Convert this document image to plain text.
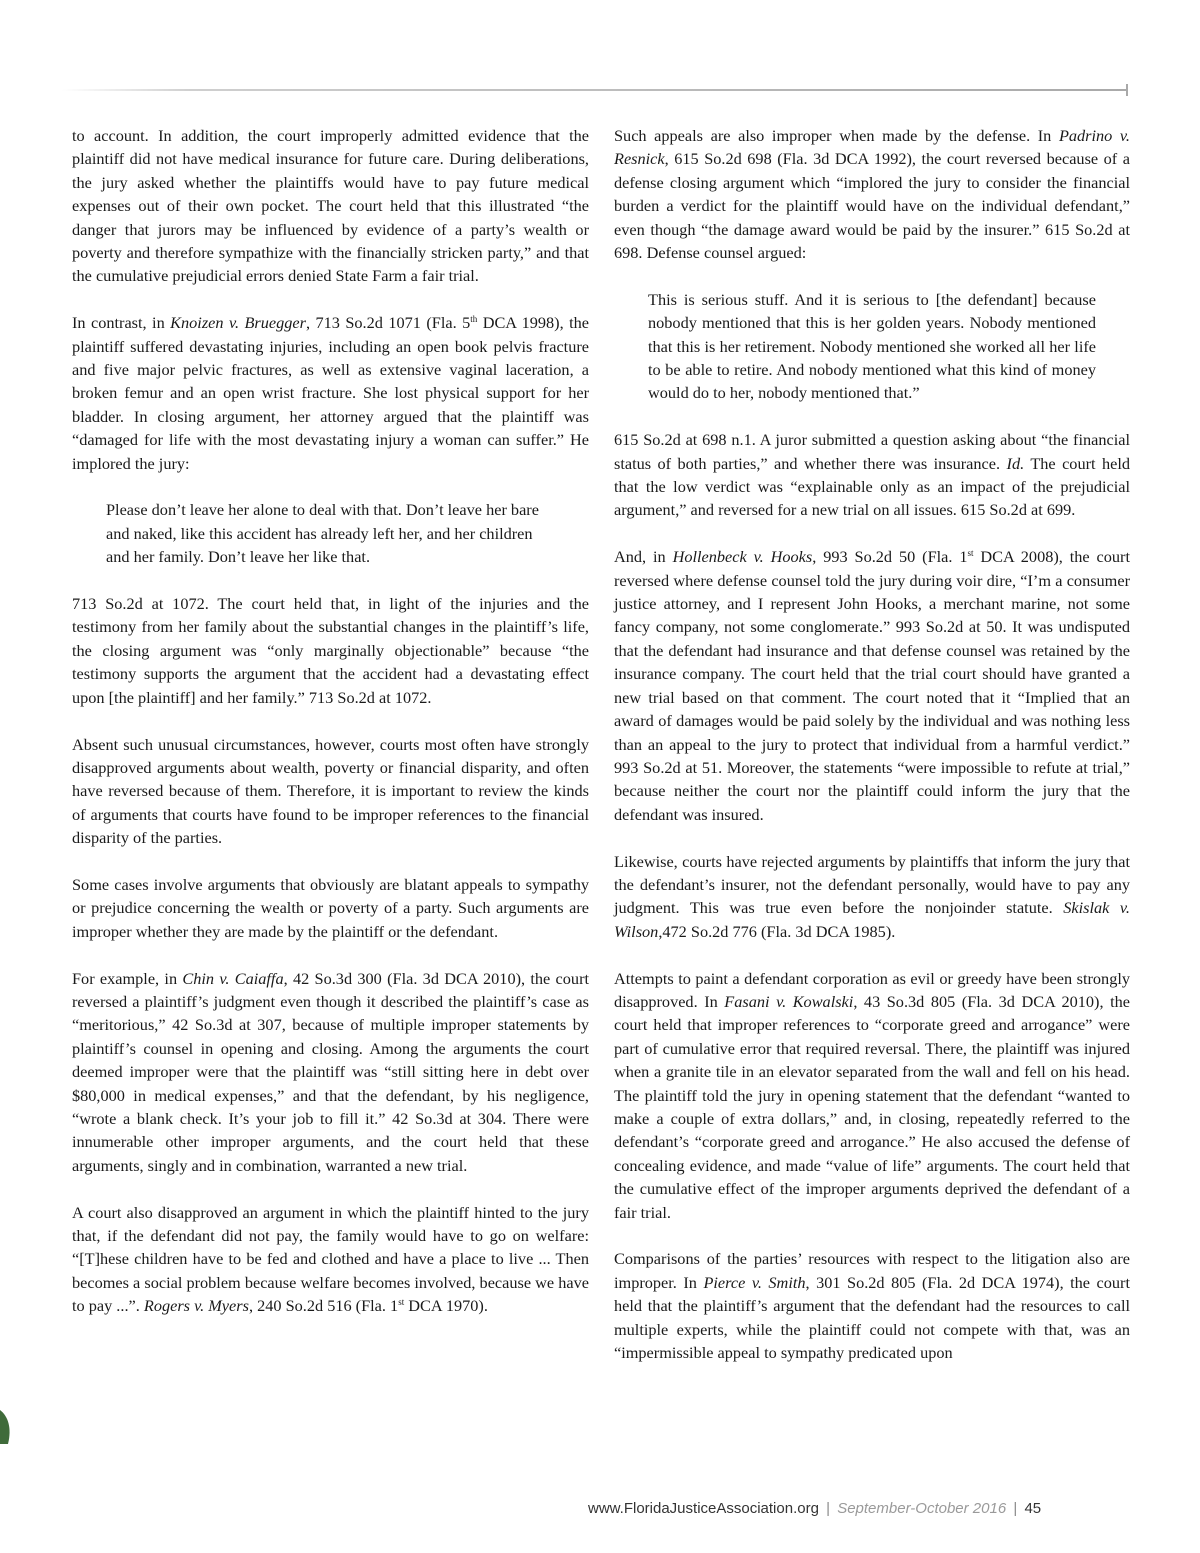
to account. In addition, the court improperly admitted evidence that the plaintiff did not have medical insurance for future care. During deliberations, the jury asked whether the plaintiffs would have to pay future medical expenses out of their own pocket. The court held that this illustrated “the danger that jurors may be influenced by evidence of a party’s wealth or poverty and therefore sympathize with the financially stricken party,” and that the cumulative prejudicial errors denied State Farm a fair trial.

In contrast, in Knoizen v. Bruegger, 713 So.2d 1071 (Fla. 5th DCA 1998), the plaintiff suffered devastating injuries, including an open book pelvis fracture and five major pelvic fractures, as well as extensive vaginal laceration, a broken femur and an open wrist fracture. She lost physical support for her bladder. In closing argument, her attorney argued that the plaintiff was “damaged for life with the most devastating injury a woman can suffer.” He implored the jury:

Please don’t leave her alone to deal with that. Don’t leave her bare and naked, like this accident has already left her, and her children and her family. Don’t leave her like that.

713 So.2d at 1072. The court held that, in light of the injuries and the testimony from her family about the substantial changes in the plaintiff’s life, the closing argument was “only marginally objectionable” because “the testimony supports the argument that the accident had a devastating effect upon [the plaintiff] and her family.” 713 So.2d at 1072.

Absent such unusual circumstances, however, courts most often have strongly disapproved arguments about wealth, poverty or financial disparity, and often have reversed because of them. Therefore, it is important to review the kinds of arguments that courts have found to be improper references to the financial disparity of the parties.

Some cases involve arguments that obviously are blatant appeals to sympathy or prejudice concerning the wealth or poverty of a party. Such arguments are improper whether they are made by the plaintiff or the defendant.

For example, in Chin v. Caiaffa, 42 So.3d 300 (Fla. 3d DCA 2010), the court reversed a plaintiff’s judgment even though it described the plaintiff’s case as “meritorious,” 42 So.3d at 307, because of multiple improper statements by plaintiff’s counsel in opening and closing. Among the arguments the court deemed improper were that the plaintiff was “still sitting here in debt over $80,000 in medical expenses,” and that the defendant, by his negligence, “wrote a blank check. It’s your job to fill it.” 42 So.3d at 304. There were innumerable other improper arguments, and the court held that these arguments, singly and in combination, warranted a new trial.

A court also disapproved an argument in which the plaintiff hinted to the jury that, if the defendant did not pay, the family would have to go on welfare: “[T]hese children have to be fed and clothed and have a place to live ... Then becomes a social problem because welfare becomes involved, because we have to pay ...”. Rogers v. Myers, 240 So.2d 516 (Fla. 1st DCA 1970).

Such appeals are also improper when made by the defense. In Padrino v. Resnick, 615 So.2d 698 (Fla. 3d DCA 1992), the court reversed because of a defense closing argument which “implored the jury to consider the financial burden a verdict for the plaintiff would have on the individual defendant,” even though “the damage award would be paid by the insurer.” 615 So.2d at 698. Defense counsel argued:

This is serious stuff. And it is serious to [the defendant] because nobody mentioned that this is her golden years. Nobody mentioned that this is her retirement. Nobody mentioned she worked all her life to be able to retire. And nobody mentioned what this kind of money would do to her, nobody mentioned that.”

615 So.2d at 698 n.1. A juror submitted a question asking about “the financial status of both parties,” and whether there was insurance. Id. The court held that the low verdict was “explainable only as an impact of the prejudicial argument,” and reversed for a new trial on all issues. 615 So.2d at 699.

And, in Hollenbeck v. Hooks, 993 So.2d 50 (Fla. 1st DCA 2008), the court reversed where defense counsel told the jury during voir dire, “I’m a consumer justice attorney, and I represent John Hooks, a merchant marine, not some fancy company, not some conglomerate.” 993 So.2d at 50. It was undisputed that the defendant had insurance and that defense counsel was retained by the insurance company. The court held that the trial court should have granted a new trial based on that comment. The court noted that it “Implied that an award of damages would be paid solely by the individual and was nothing less than an appeal to the jury to protect that individual from a harmful verdict.” 993 So.2d at 51. Moreover, the statements “were impossible to refute at trial,” because neither the court nor the plaintiff could inform the jury that the defendant was insured.

Likewise, courts have rejected arguments by plaintiffs that inform the jury that the defendant’s insurer, not the defendant personally, would have to pay any judgment. This was true even before the nonjoinder statute. Skislak v. Wilson,472 So.2d 776 (Fla. 3d DCA 1985).

Attempts to paint a defendant corporation as evil or greedy have been strongly disapproved. In Fasani v. Kowalski, 43 So.3d 805 (Fla. 3d DCA 2010), the court held that improper references to “corporate greed and arrogance” were part of cumulative error that required reversal. There, the plaintiff was injured when a granite tile in an elevator separated from the wall and fell on his head. The plaintiff told the jury in opening statement that the defendant “wanted to make a couple of extra dollars,” and, in closing, repeatedly referred to the defendant’s “corporate greed and arrogance.” He also accused the defense of concealing evidence, and made “value of life” arguments. The court held that the cumulative effect of the improper arguments deprived the defendant of a fair trial.

Comparisons of the parties’ resources with respect to the litigation also are improper. In Pierce v. Smith, 301 So.2d 805 (Fla. 2d DCA 1974), the court held that the plaintiff’s argument that the defendant had the resources to call multiple experts, while the plaintiff could not compete with that, was an “impermissible appeal to sympathy predicated upon

www.FloridaJusticeAssociation.org | September-October 2016 | 45
